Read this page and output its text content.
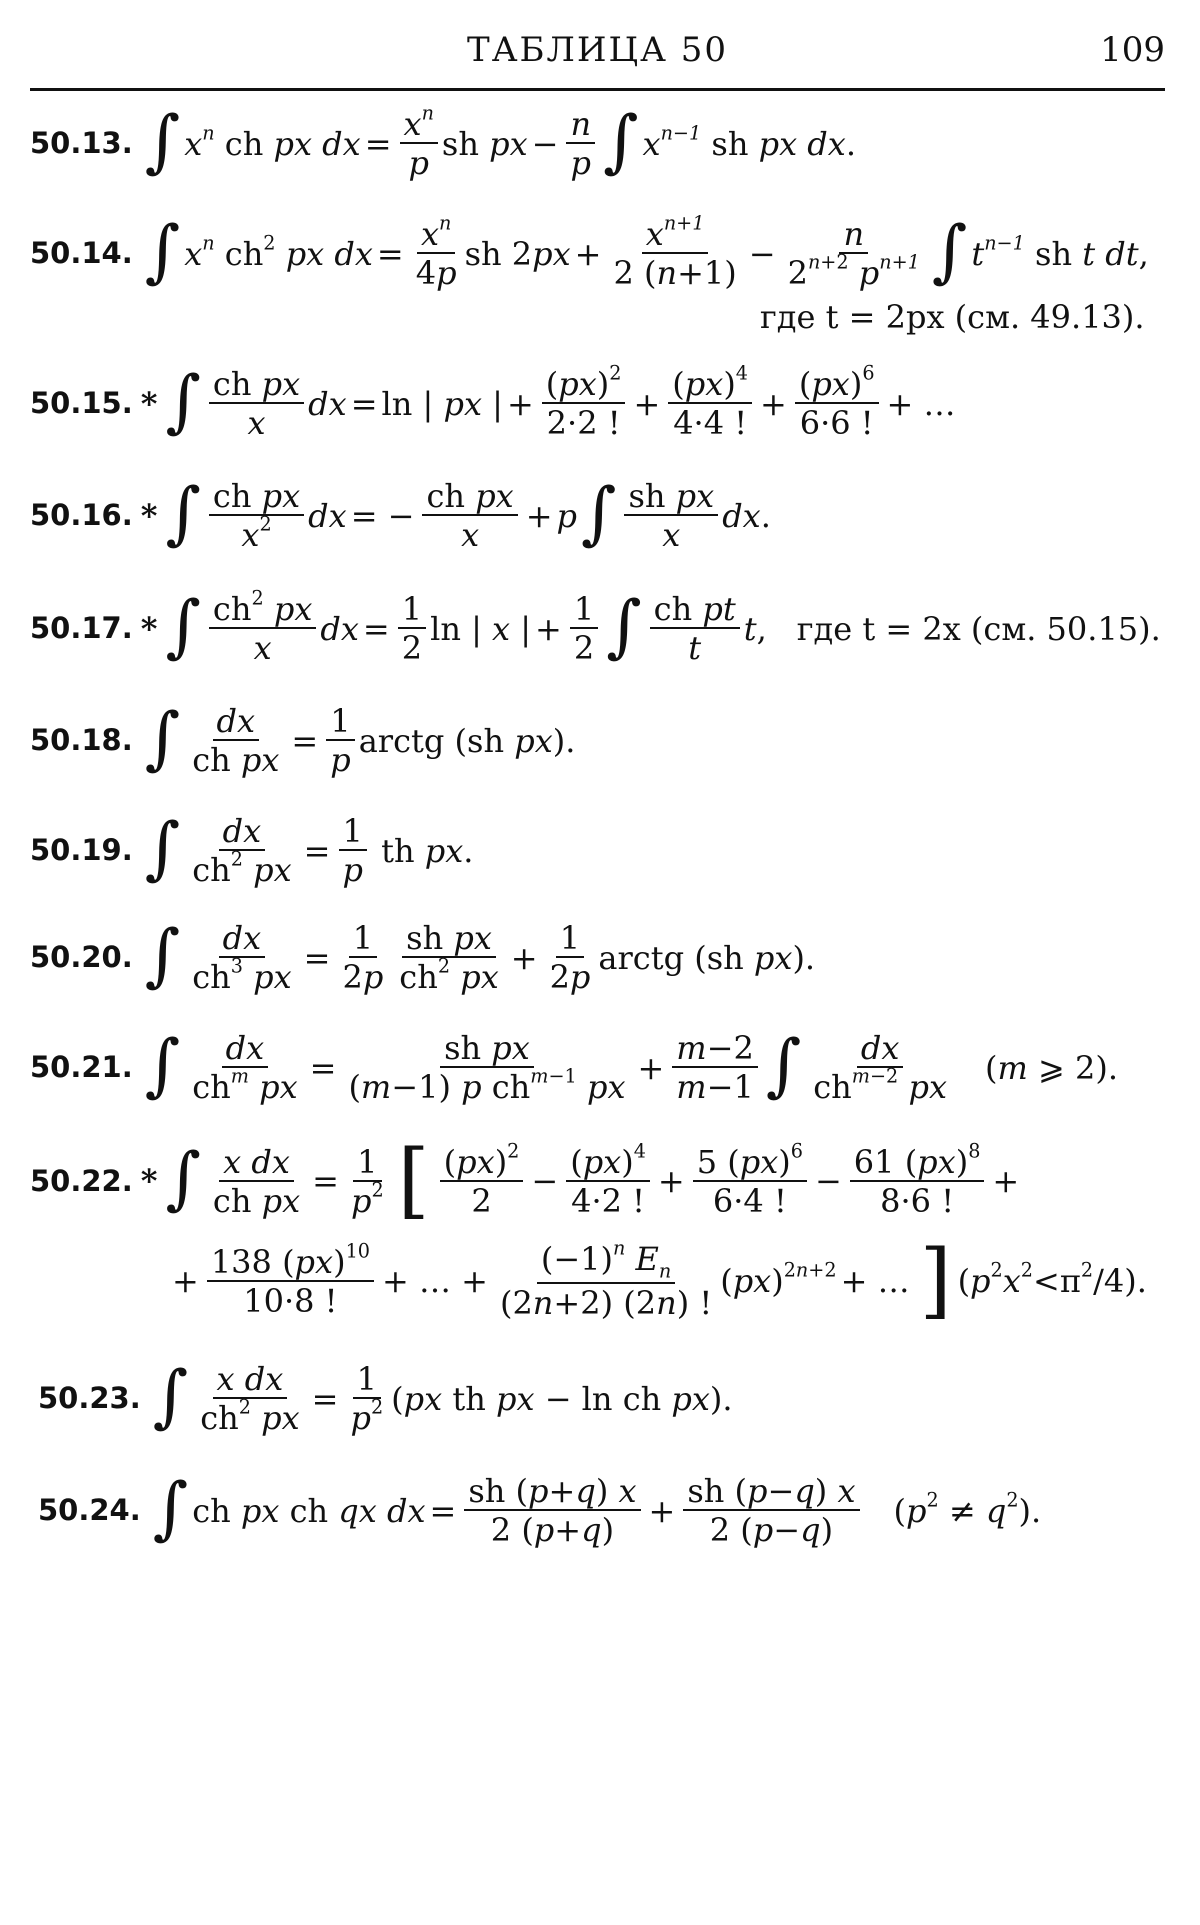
ТАБЛИЦА 50	109
50.13. ∫ $x^n$ ch px dx = $\frac{x^n}{p}$ sh px − $\frac{n}{p}$ ∫ $x^{n-1}$ sh px dx.
50.14. ∫ $x^n$ $ch^2$ px dx = $\frac{x^n}{4p}$ sh $2px + \frac{x^{n+1}}{2 (n+1)} - \frac{n}{2^{n+2} p^{n+1}}$ ∫ $t^{n-1}$ sh t dt,
где t = 2px (см. 49.13).
50.15. * ∫ $\frac{\text{ch px}}{x}$ dx = ln | px | + $\frac{(px)^2}{2\cdot 2 !} + \frac{(px)^4}{4\cdot 4 !} + \frac{(px)^6}{6\cdot 6 !}$ + …
50.16. * ∫ $\frac{\text{ch px}}{x^2}$ dx = − $\frac{\text{ch px}}{x} + p$ ∫ $\frac{\text{sh px}}{x}$ dx.
50.17. * ∫ $\frac{ch^2 px}{x}$ dx = $\frac{1}{2}$ ln | x | + $\frac{1}{2}$ ∫ $\frac{\text{ch pt}}{t} t$, где t = 2x (см. 50.15).
50.18. ∫ $\frac{dx}{\text{ch px}} = \frac{1}{p}$ arctg (sh px).
50.19. ∫ $\frac{dx}{ch^2 px} = \frac{1}{p}$ th px.
50.20. ∫ $\frac{dx}{ch^3 px} = \frac{1}{2p} \frac{\text{sh px}}{ch^2 px} + \frac{1}{2p}$ arctg (sh px).
50.21. ∫ $\frac{dx}{ch^m px} = \frac{\text{sh px}}{(m-1) p ch^{m-1} px} + \frac{m-2}{m-1}$ ∫ $\frac{dx}{ch^{m-2} px} (m$ ⩾ 2).
50.22. * ∫ $\frac{\text{x dx}}{\text{ch px}} = \frac{1}{p^2}$ [ $\frac{(px)^2}{2} - \frac{(px)^4}{4\cdot 2 !} + \frac{5 (px)^6}{6\cdot 4 !} - \frac{61 (px)^8}{8\cdot 6 !}$ +
+ $\frac{138 (px)^{10}}{10\cdot 8 !}$ + … + $\frac{(-1)^n E_n}{(2n+2) (2n) !} (px)^{2n+2}$ + … ] $(p^2x^2<\pi^2/4)$.
50.23. ∫ $\frac{\text{x dx}}{ch^2 px} = \frac{1}{p^2} (px$ th px − ln ch px).
50.24. ∫ ch px ch qx dx = $\frac{sh (p+q) x}{2 (p+q)} + \frac{sh (p-q) x}{2 (p-q)} (p^2 \ne q^2)$.
